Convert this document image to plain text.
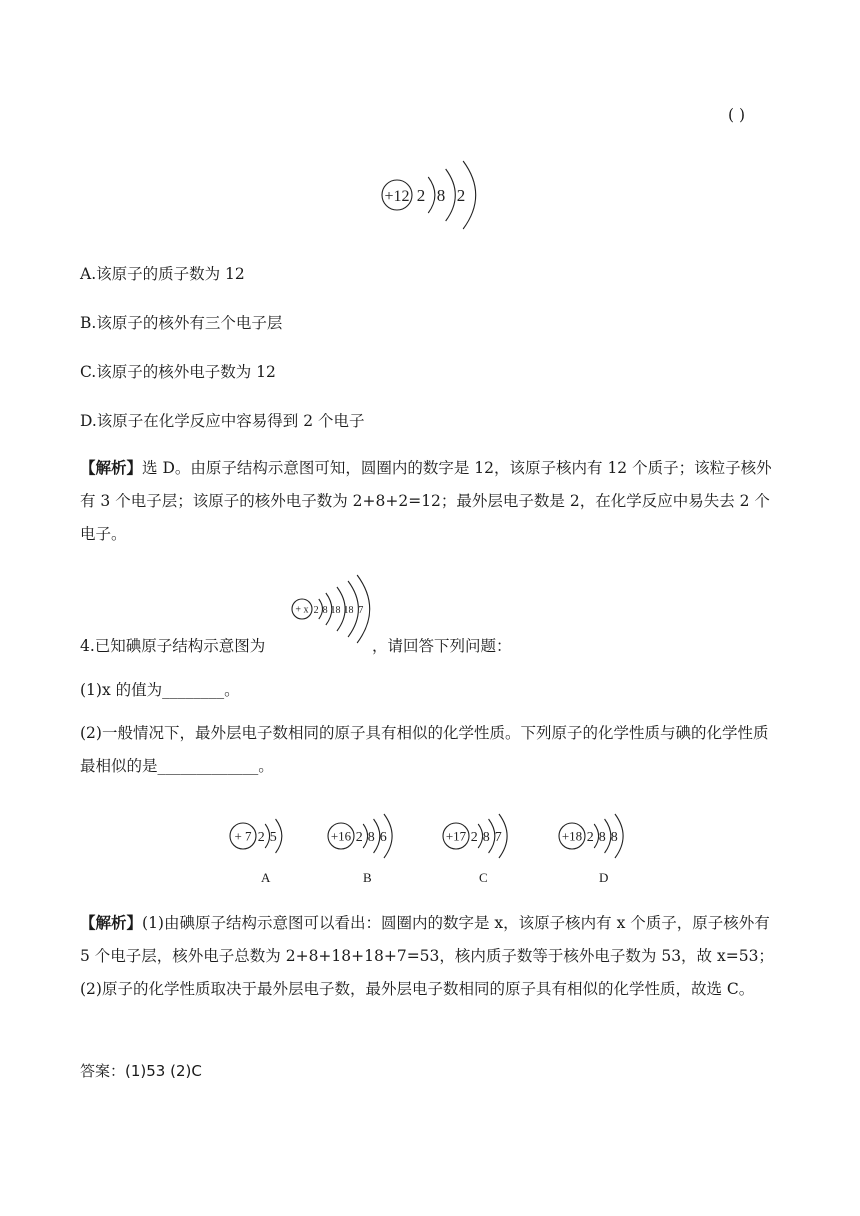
( )
+12 2 8 2
A.该原子的质子数为 12
B.该原子的核外有三个电子层
C.该原子的核外电子数为 12
D.该原子在化学反应中容易得到 2 个电子
【解析】选 D。由原子结构示意图可知，圆圈内的数字是 12，该原子核内有 12 个质子；该粒子核外有 3 个电子层；该原子的核外电子数为 2+8+2=12；最外层电子数是 2，在化学反应中易失去 2 个电子。
4.已知碘原子结构示意图为
+ x 2 8 18 18 7
，请回答下列问题：
(1)x 的值为________。
(2)一般情况下，最外层电子数相同的原子具有相似的化学性质。下列原子的化学性质与碘的化学性质最相似的是_____________。
+ 7 2 5	+16 2 8 6	+17 2 8 7	+18 2 8 8
A	B	C	D
【解析】(1)由碘原子结构示意图可以看出：圆圈内的数字是 x，该原子核内有 x 个质子，原子核外有 5 个电子层，核外电子总数为 2+8+18+18+7=53，核内质子数等于核外电子数为 53，故 x=53；(2)原子的化学性质取决于最外层电子数，最外层电子数相同的原子具有相似的化学性质，故选 C。
答案：(1)53 (2)C
